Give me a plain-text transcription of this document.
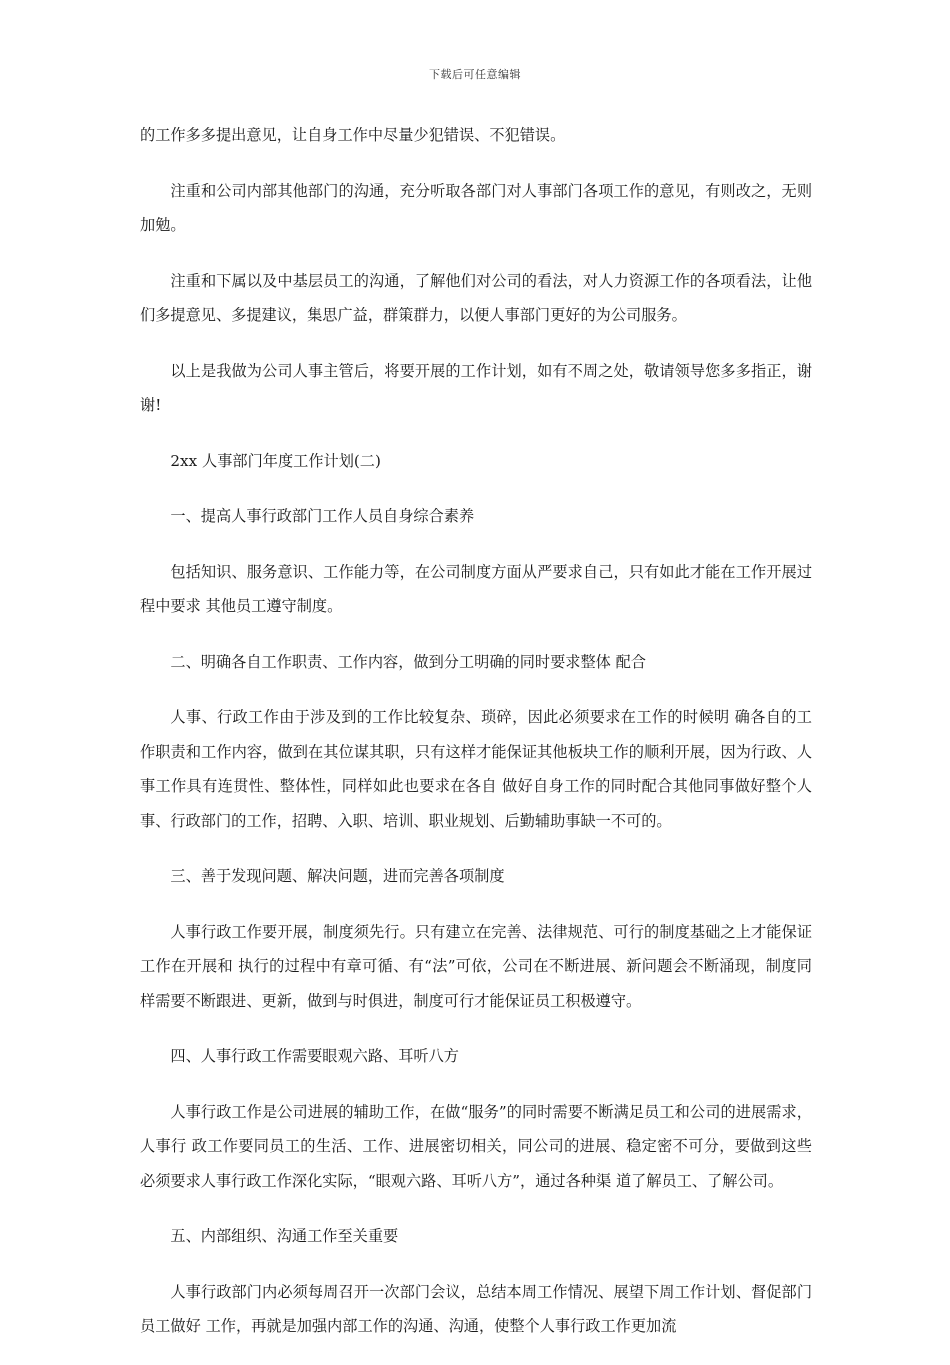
下载后可任意编辑

的工作多多提出意见，让自身工作中尽量少犯错误、不犯错误。

注重和公司内部其他部门的沟通，充分听取各部门对人事部门各项工作的意见，有则改之，无则加勉。

注重和下属以及中基层员工的沟通，了解他们对公司的看法，对人力资源工作的各项看法，让他们多提意见、多提建议，集思广益，群策群力，以便人事部门更好的为公司服务。

以上是我做为公司人事主管后，将要开展的工作计划，如有不周之处，敬请领导您多多指正，谢谢!

2xx 人事部门年度工作计划(二)

一、提高人事行政部门工作人员自身综合素养

包括知识、服务意识、工作能力等，在公司制度方面从严要求自己，只有如此才能在工作开展过程中要求 其他员工遵守制度。

二、明确各自工作职责、工作内容，做到分工明确的同时要求整体 配合

人事、行政工作由于涉及到的工作比较复杂、琐碎，因此必须要求在工作的时候明 确各自的工作职责和工作内容，做到在其位谋其职，只有这样才能保证其他板块工作的顺利开展，因为行政、人事工作具有连贯性、整体性，同样如此也要求在各自 做好自身工作的同时配合其他同事做好整个人事、行政部门的工作，招聘、入职、培训、职业规划、后勤辅助事缺一不可的。

三、善于发现问题、解决问题，进而完善各项制度

人事行政工作要开展，制度须先行。只有建立在完善、法律规范、可行的制度基础之上才能保证工作在开展和 执行的过程中有章可循、有“法”可依，公司在不断进展、新问题会不断涌现，制度同样需要不断跟进、更新，做到与时俱进，制度可行才能保证员工积极遵守。

四、人事行政工作需要眼观六路、耳听八方

人事行政工作是公司进展的辅助工作，在做“服务”的同时需要不断满足员工和公司的进展需求，人事行 政工作要同员工的生活、工作、进展密切相关，同公司的进展、稳定密不可分，要做到这些必须要求人事行政工作深化实际，“眼观六路、耳听八方”，通过各种渠 道了解员工、了解公司。

五、内部组织、沟通工作至关重要

人事行政部门内必须每周召开一次部门会议，总结本周工作情况、展望下周工作计划、督促部门员工做好 工作，再就是加强内部工作的沟通、沟通，使整个人事行政工作更加流
